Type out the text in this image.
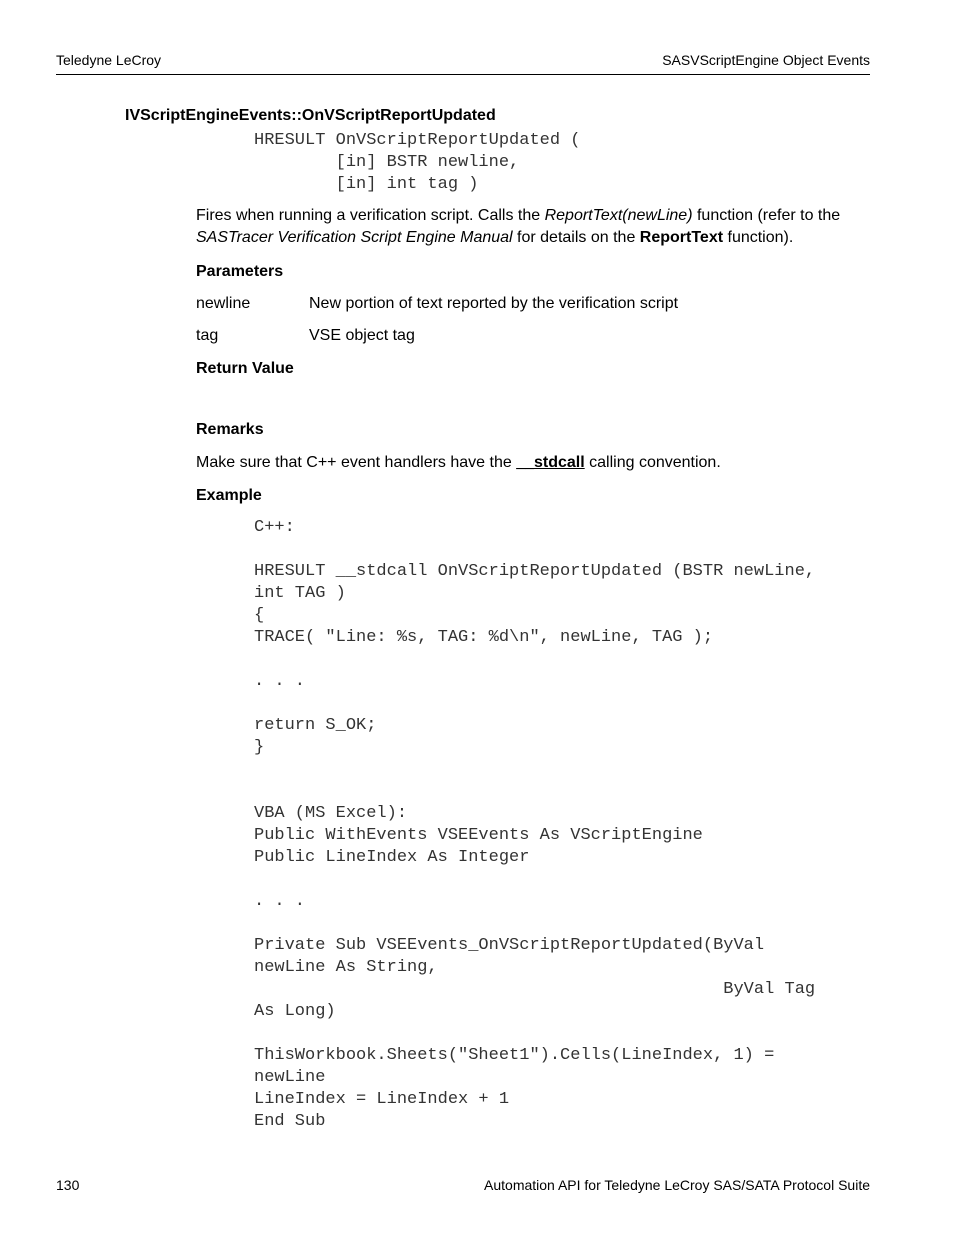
Teledyne LeCroy	SASVScriptEngine Object Events
IVScriptEngineEvents::OnVScriptReportUpdated
HRESULT OnVScriptReportUpdated (
[in] BSTR newline,
[in] int tag )
Fires when running a verification script. Calls the ReportText(newLine) function (refer to the SASTracer Verification Script Engine Manual for details on the ReportText function).
Parameters
newline	New portion of text reported by the verification script
tag	VSE object tag
Return Value
Remarks
Make sure that C++ event handlers have the __stdcall calling convention.
Example
C++:

HRESULT __stdcall OnVScriptReportUpdated (BSTR newLine,
int TAG )
{
TRACE( "Line: %s, TAG: %d\n", newLine, TAG );

. . .

return S_OK;
}

VBA (MS Excel):
Public WithEvents VSEEvents As VScriptEngine
Public LineIndex As Integer

. . .

Private Sub VSEEvents_OnVScriptReportUpdated(ByVal
newLine As String,
ByVal Tag
As Long)

ThisWorkbook.Sheets("Sheet1").Cells(LineIndex, 1) =
newLine
LineIndex = LineIndex + 1
End Sub
130	Automation API for Teledyne LeCroy SAS/SATA Protocol Suite
